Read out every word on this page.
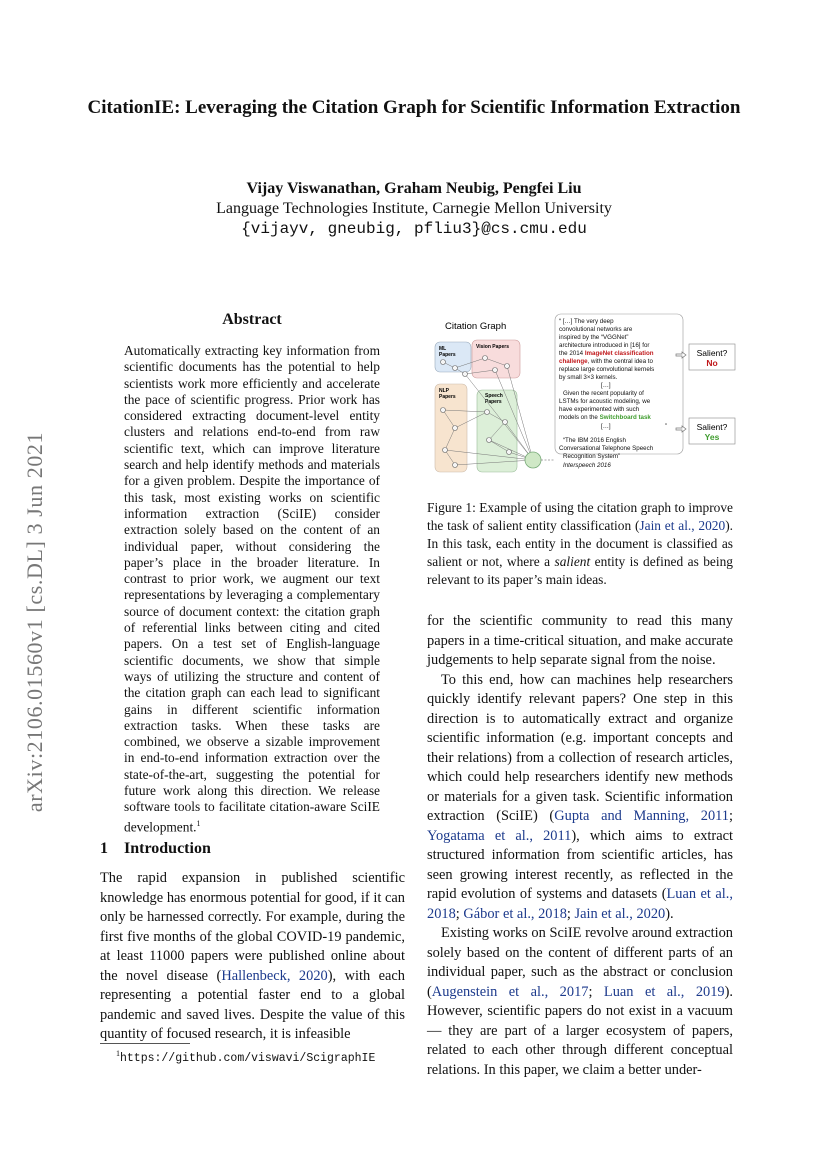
arXiv:2106.01560v1 [cs.DL] 3 Jun 2021
CitationIE: Leveraging the Citation Graph for Scientific Information Extraction
Vijay Viswanathan, Graham Neubig, Pengfei Liu
Language Technologies Institute, Carnegie Mellon University
{vijayv, gneubig, pfliu3}@cs.cmu.edu
Abstract
Automatically extracting key information from scientific documents has the potential to help scientists work more efficiently and accelerate the pace of scientific progress. Prior work has considered extracting document-level entity clusters and relations end-to-end from raw scientific text, which can improve literature search and help identify methods and materials for a given problem. Despite the importance of this task, most existing works on scientific information extraction (SciIE) consider extraction solely based on the content of an individual paper, without considering the paper’s place in the broader literature. In contrast to prior work, we augment our text representations by leveraging a complementary source of document context: the citation graph of referential links between citing and cited papers. On a test set of English-language scientific documents, we show that simple ways of utilizing the structure and content of the citation graph can each lead to significant gains in different scientific information extraction tasks. When these tasks are combined, we observe a sizable improvement in end-to-end information extraction over the state-of-the-art, suggesting the potential for future work along this direction. We release software tools to facilitate citation-aware SciIE development.$^1$
1 Introduction
The rapid expansion in published scientific knowledge has enormous potential for good, if it can only be harnessed correctly. For example, during the first five months of the global COVID-19 pandemic, at least 11000 papers were published online about the novel disease (Hallenbeck, 2020), with each representing a potential faster end to a global pandemic and saved lives. Despite the value of this quantity of focused research, it is infeasible
$^1$https://github.com/viswavi/ScigraphIE
Citation Graph
ML
Papers
Vision Papers
NLP
Papers	Speech
Papers
“ […] The very deep
convolutional networks are
inspired by the “VGGNet”
architecture introduced in [16] for
the 2014 ImageNet classification
challenge, with the central idea to
replace large convolutional kernels
by small 3×3 kernels.
[…]
Given the recent popularity of
LSTMs for acoustic modeling, we
have experimented with such
models on the Switchboard task
[…]	”
“The IBM 2016 English
Conversational Telephone Speech
Recognition System”
Interspeech 2016
Salient?
No
Salient?
Yes
Figure 1: Example of using the citation graph to improve the task of salient entity classification (Jain et al., 2020). In this task, each entity in the document is classified as salient or not, where a salient entity is defined as being relevant to its paper’s main ideas.

for the scientific community to read this many papers in a time-critical situation, and make accurate judgements to help separate signal from the noise.

To this end, how can machines help researchers quickly identify relevant papers? One step in this direction is to automatically extract and organize scientific information (e.g. important concepts and their relations) from a collection of research articles, which could help researchers identify new methods or materials for a given task. Scientific information extraction (SciIE) (Gupta and Manning, 2011; Yogatama et al., 2011), which aims to extract structured information from scientific articles, has seen growing interest recently, as reflected in the rapid evolution of systems and datasets (Luan et al., 2018; Gábor et al., 2018; Jain et al., 2020).

Existing works on SciIE revolve around extraction solely based on the content of different parts of an individual paper, such as the abstract or conclusion (Augenstein et al., 2017; Luan et al., 2019). However, scientific papers do not exist in a vacuum — they are part of a larger ecosystem of papers, related to each other through different conceptual relations. In this paper, we claim a better under-
